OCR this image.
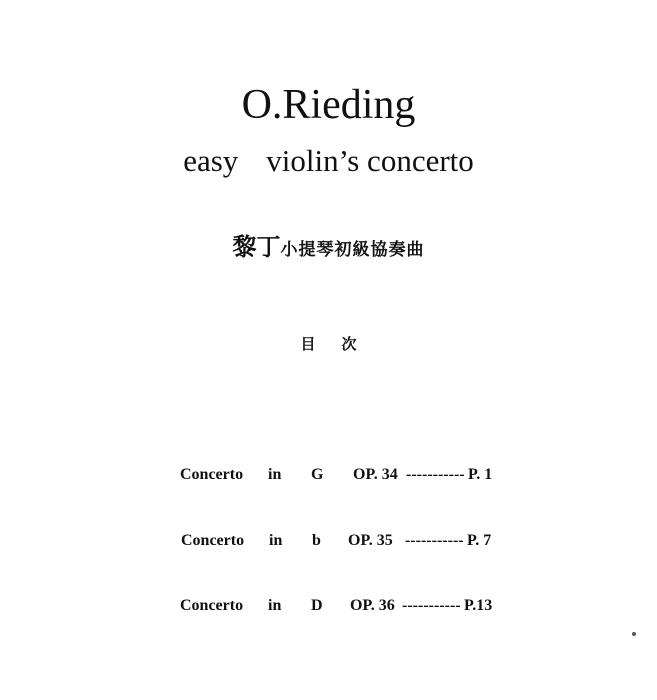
O.Rieding
easy violin’s concerto
黎丁小提琴初級協奏曲
目 次
Concerto in G OP. 34 ----------- P. 1
Concerto in b OP. 35 ----------- P. 7
Concerto in D OP. 36 ----------- P.13
